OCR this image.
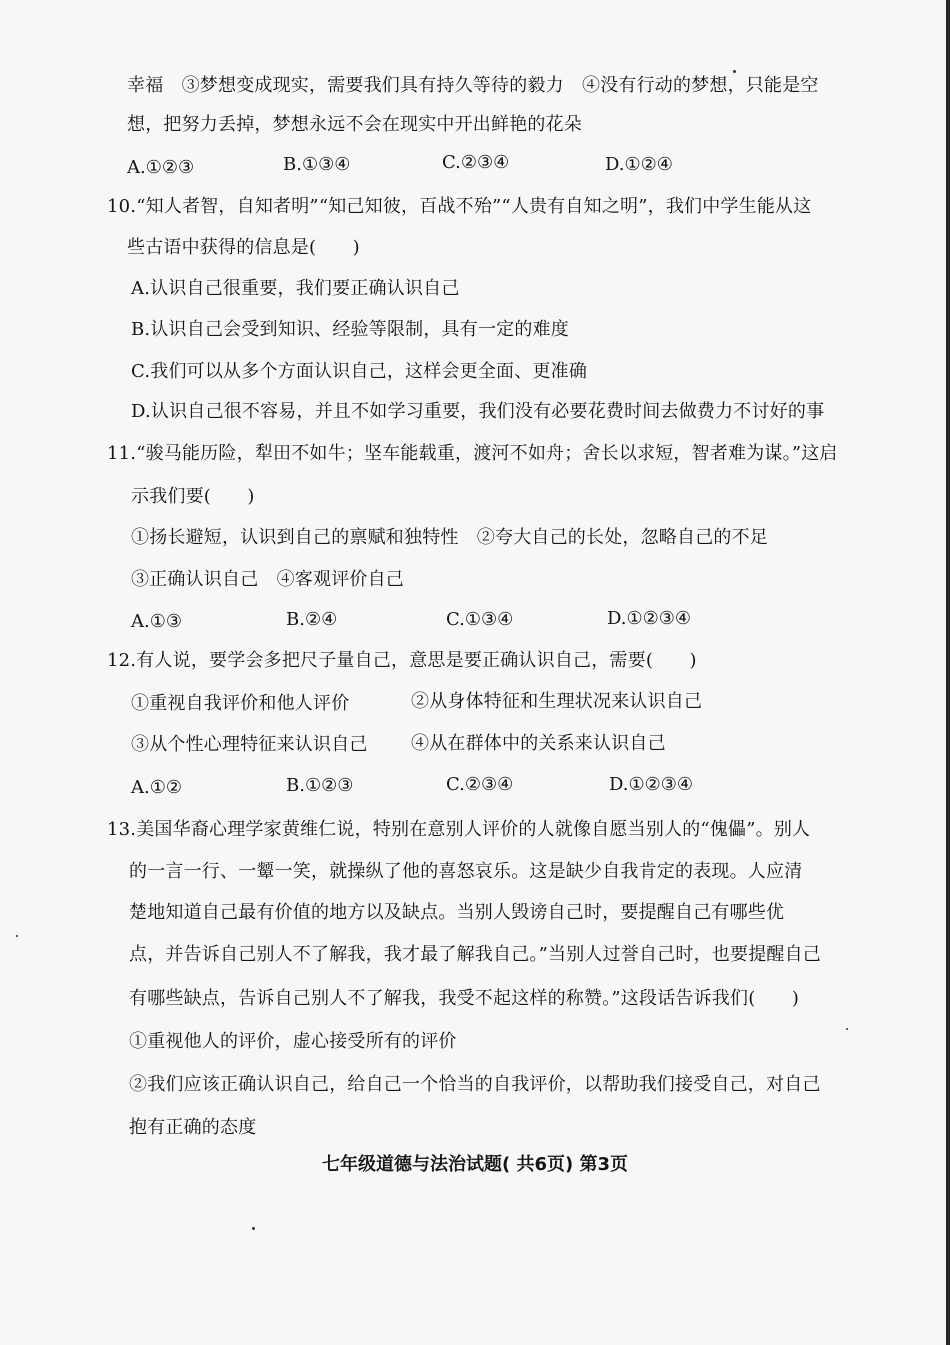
幸福　③梦想变成现实，需要我们具有持久等待的毅力　④没有行动的梦想，只能是空
想，把努力丢掉，梦想永远不会在现实中开出鲜艳的花朵
A.①②③	B.①③④	C.②③④	D.①②④
10.“知人者智，自知者明”“知己知彼，百战不殆”“人贵有自知之明”，我们中学生能从这
些古语中获得的信息是(　　)
A.认识自己很重要，我们要正确认识自己
B.认识自己会受到知识、经验等限制，具有一定的难度
C.我们可以从多个方面认识自己，这样会更全面、更准确
D.认识自己很不容易，并且不如学习重要，我们没有必要花费时间去做费力不讨好的事
11.“骏马能历险，犁田不如牛；坚车能载重，渡河不如舟；舍长以求短，智者难为谋。”这启
示我们要(　　)
①扬长避短，认识到自己的禀赋和独特性　②夸大自己的长处，忽略自己的不足
③正确认识自己　④客观评价自己
A.①③	B.②④	C.①③④	D.①②③④
12.有人说，要学会多把尺子量自己，意思是要正确认识自己，需要(　　)
①重视自我评价和他人评价	②从身体特征和生理状况来认识自己
③从个性心理特征来认识自己 ④从在群体中的关系来认识自己
A.①②	B.①②③	C.②③④	D.①②③④
13.美国华裔心理学家黄维仁说，特别在意别人评价的人就像自愿当别人的“傀儡”。别人
的一言一行、一颦一笑，就操纵了他的喜怒哀乐。这是缺少自我肯定的表现。人应清
楚地知道自己最有价值的地方以及缺点。当别人毁谤自己时，要提醒自己有哪些优
点，并告诉自己别人不了解我，我才最了解我自己。”当别人过誉自己时，也要提醒自己
有哪些缺点，告诉自己别人不了解我，我受不起这样的称赞。”这段话告诉我们(　　)
①重视他人的评价，虚心接受所有的评价
②我们应该正确认识自己，给自己一个恰当的自我评价，以帮助我们接受自己，对自己
抱有正确的态度
七年级道德与法治试题( 共6页) 第3页
